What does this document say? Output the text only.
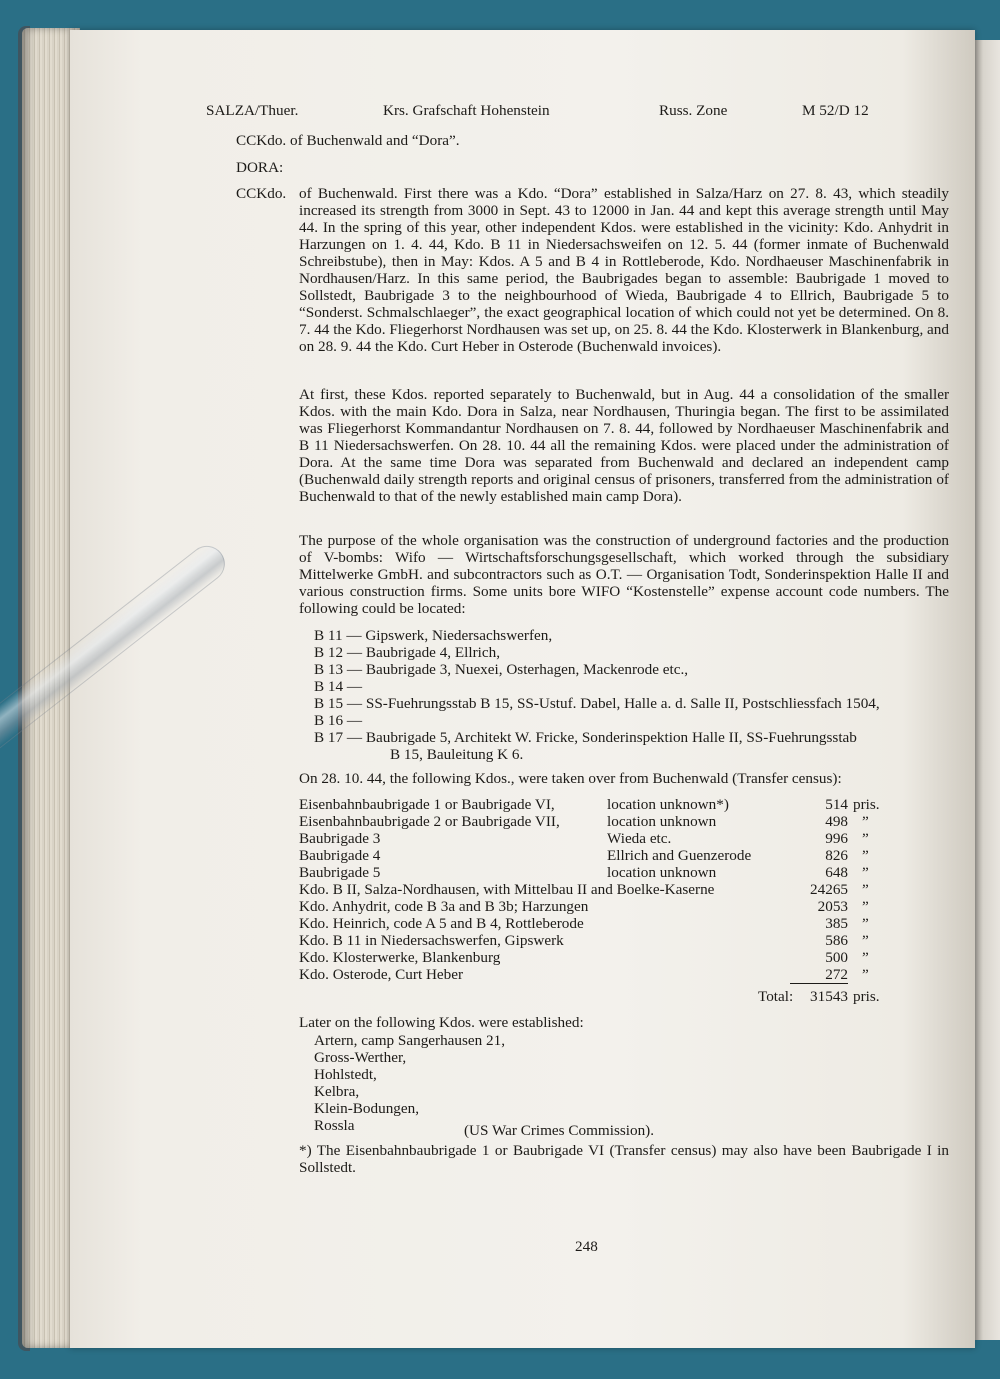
SALZA/Thuer.	Krs. Grafschaft Hohenstein	Russ. Zone	M 52/D 12
CCKdo. of Buchenwald and “Dora”.
DORA:
CCKdo. of Buchenwald. First there was a Kdo. “Dora” established in Salza/Harz on 27. 8. 43, which steadily increased its strength from 3000 in Sept. 43 to 12000 in Jan. 44 and kept this average strength until May 44. In the spring of this year, other independent Kdos. were established in the vicinity: Kdo. Anhydrit in Harzungen on 1. 4. 44, Kdo. B 11 in Niedersachsweifen on 12. 5. 44 (former inmate of Buchenwald Schreibstube), then in May: Kdos. A 5 and B 4 in Rottleberode, Kdo. Nordhaeuser Maschinenfabrik in Nordhausen/Harz. In this same period, the Baubrigades began to assemble: Baubrigade 1 moved to Sollstedt, Baubrigade 3 to the neighbourhood of Wieda, Baubrigade 4 to Ellrich, Baubrigade 5 to “Sonderst. Schmalschlaeger”, the exact geographical location of which could not yet be determined. On 8. 7. 44 the Kdo. Fliegerhorst Nordhausen was set up, on 25. 8. 44 the Kdo. Klosterwerk in Blankenburg, and on 28. 9. 44 the Kdo. Curt Heber in Osterode (Buchenwald invoices).

At first, these Kdos. reported separately to Buchenwald, but in Aug. 44 a consolidation of the smaller Kdos. with the main Kdo. Dora in Salza, near Nordhausen, Thuringia began. The first to be assimilated was Fliegerhorst Kommandantur Nordhausen on 7. 8. 44, followed by Nordhaeuser Maschinenfabrik and B 11 Niedersachswerfen. On 28. 10. 44 all the remaining Kdos. were placed under the administration of Dora. At the same time Dora was separated from Buchenwald and declared an independent camp (Buchenwald daily strength reports and original census of prisoners, transferred from the administration of Buchenwald to that of the newly established main camp Dora).

The purpose of the whole organisation was the construction of underground factories and the production of V-bombs: Wifo — Wirtschaftsforschungsgesellschaft, which worked through the subsidiary Mittelwerke GmbH. and subcontractors such as O.T. — Organisation Todt, Sonderinspektion Halle II and various construction firms. Some units bore WIFO “Kostenstelle” expense account code numbers. The following could be located:

B 11 — Gipswerk, Niedersachswerfen,
B 12 — Baubrigade 4, Ellrich,
B 13 — Baubrigade 3, Nuexei, Osterhagen, Mackenrode etc.,
B 14 —
B 15 — SS-Fuehrungsstab B 15, SS-Ustuf. Dabel, Halle a. d. Salle II, Postschliessfach 1504,
B 16 —
B 17 — Baubrigade 5, Architekt W. Fricke, Sonderinspektion Halle II, SS-Fuehrungsstab
B 15, Bauleitung K 6.
On 28. 10. 44, the following Kdos., were taken over from Buchenwald (Transfer census):
Eisenbahnbaubrigade 1 or Baubrigade VI,	location unknown*)	514 pris.
Eisenbahnbaubrigade 2 or Baubrigade VII,	location unknown	498 ”
Baubrigade 3	Wieda etc.	996 ”
Baubrigade 4	Ellrich and Guenzerode	826 ”
Baubrigade 5	location unknown	648 ”
Kdo. B II, Salza-Nordhausen, with Mittelbau II and Boelke-Kaserne	24265 ”
Kdo. Anhydrit, code B 3a and B 3b; Harzungen	2053 ”
Kdo. Heinrich, code A 5 and B 4, Rottleberode	385 ”
Kdo. B 11 in Niedersachswerfen, Gipswerk	586 ”
Kdo. Klosterwerke, Blankenburg	500 ”
Kdo. Osterode, Curt Heber	272 ”
Total:	31543 pris.
Later on the following Kdos. were established:
Artern, camp Sangerhausen 21,
Gross-Werther,
Hohlstedt,
Kelbra,
Klein-Bodungen,
Rossla	(US War Crimes Commission).

*) The Eisenbahnbaubrigade 1 or Baubrigade VI (Transfer census) may also have been Baubrigade I in Sollstedt.

248
